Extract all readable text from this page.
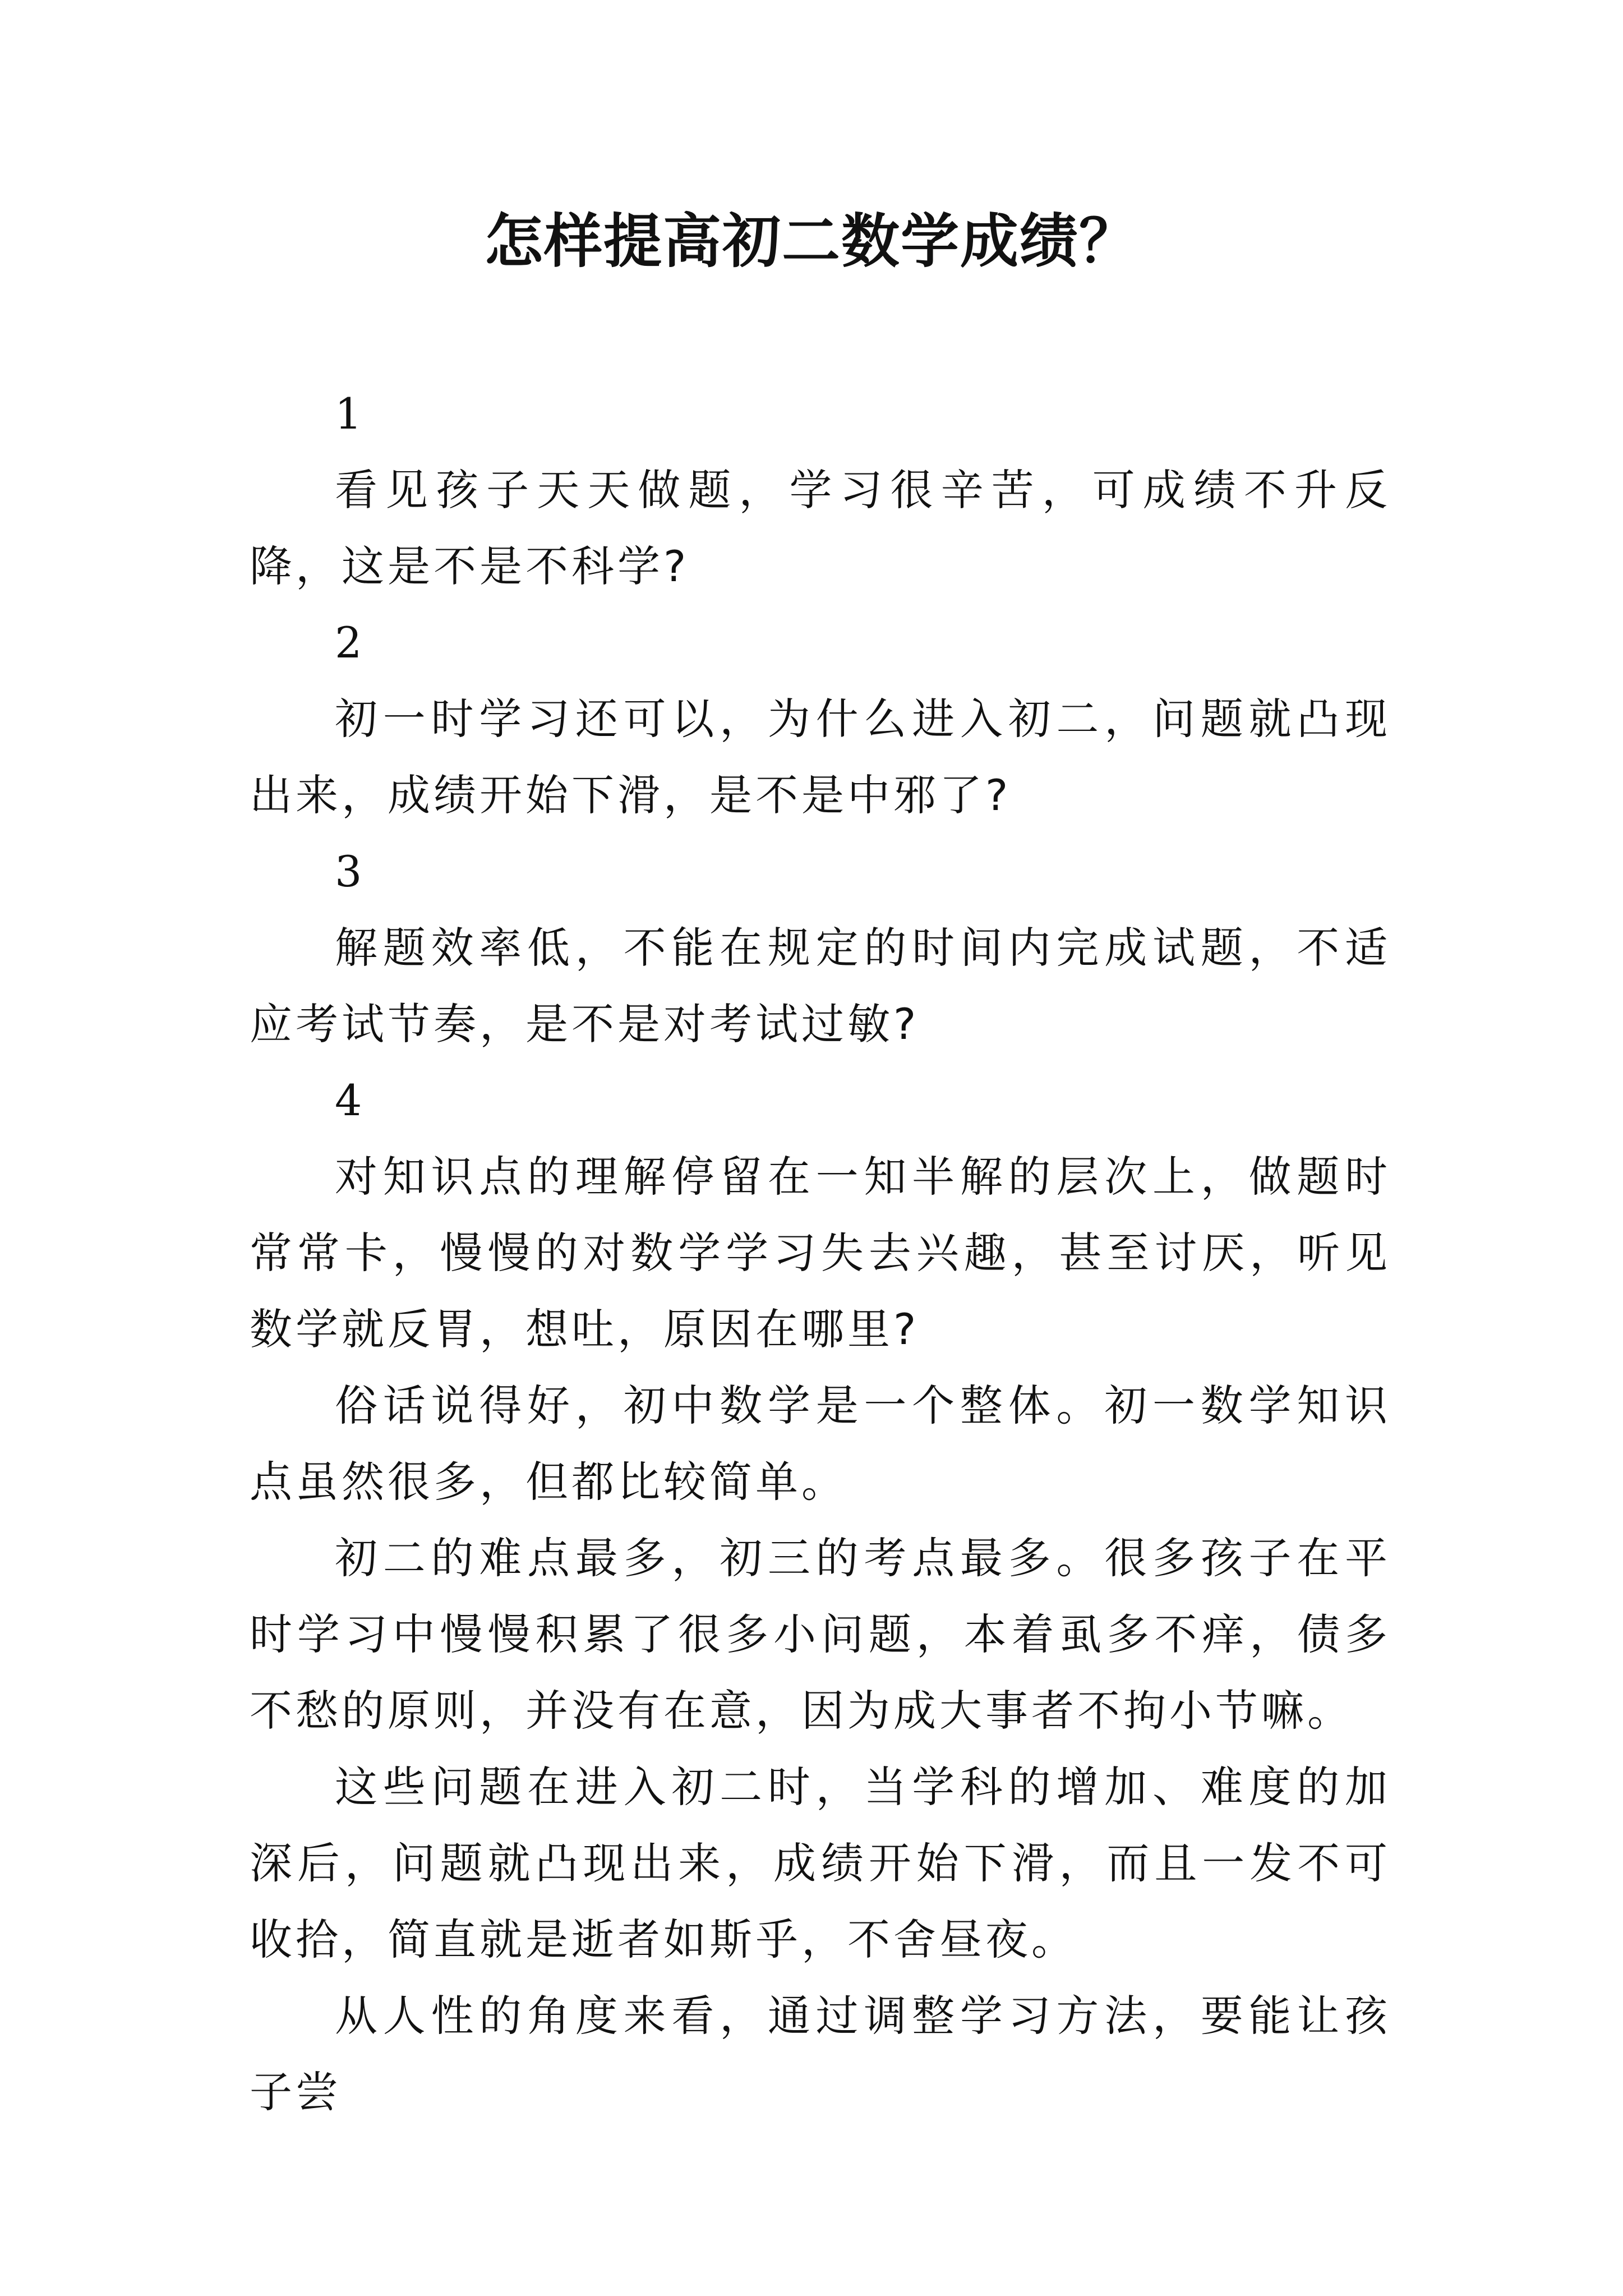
怎样提高初二数学成绩？

1

看见孩子天天做题，学习很辛苦，可成绩不升反降，这是不是不科学?

2

初一时学习还可以，为什么进入初二，问题就凸现出来，成绩开始下滑，是不是中邪了?

3

解题效率低，不能在规定的时间内完成试题，不适应考试节奏，是不是对考试过敏?

4

对知识点的理解停留在一知半解的层次上，做题时常常卡，慢慢的对数学学习失去兴趣，甚至讨厌，听见数学就反胃，想吐，原因在哪里?

俗话说得好，初中数学是一个整体。初一数学知识点虽然很多，但都比较简单。

初二的难点最多，初三的考点最多。很多孩子在平时学习中慢慢积累了很多小问题，本着虱多不痒，债多不愁的原则，并没有在意，因为成大事者不拘小节嘛。

这些问题在进入初二时，当学科的增加、难度的加深后，问题就凸现出来，成绩开始下滑，而且一发不可收拾，简直就是逝者如斯乎，不舍昼夜。

从人性的角度来看，通过调整学习方法，要能让孩子尝
